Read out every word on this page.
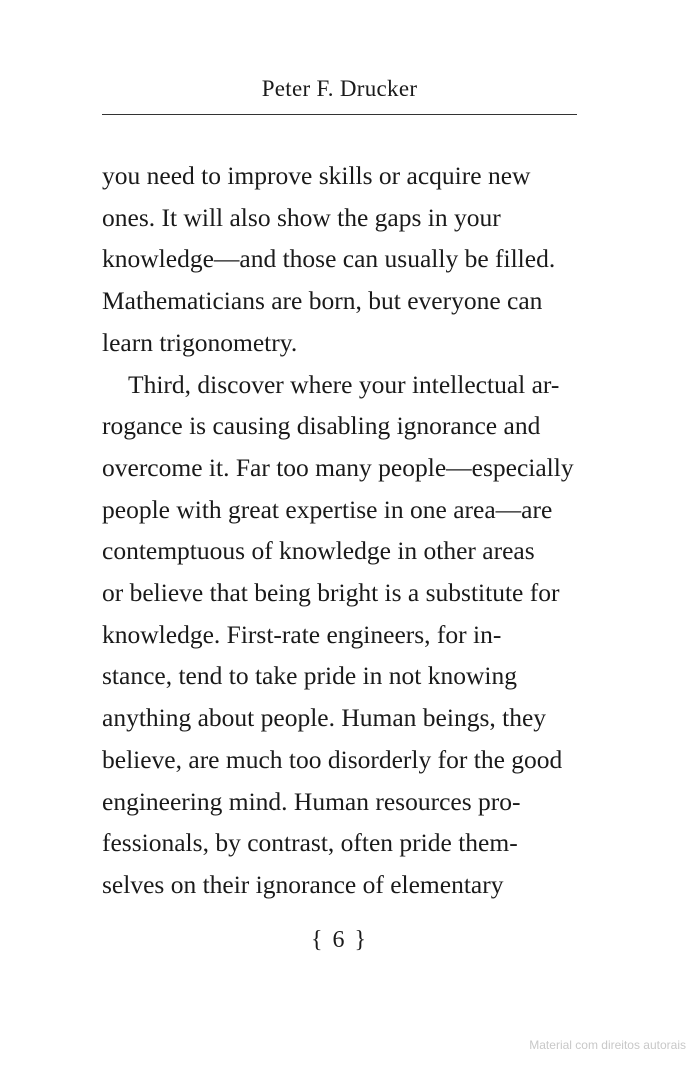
Peter F. Drucker
you need to improve skills or acquire new
ones. It will also show the gaps in your
knowledge—and those can usually be filled.
Mathematicians are born, but everyone can
learn trigonometry.
Third, discover where your intellectual ar-
rogance is causing disabling ignorance and
overcome it. Far too many people—especially
people with great expertise in one area—are
contemptuous of knowledge in other areas
or believe that being bright is a substitute for
knowledge. First-rate engineers, for in-
stance, tend to take pride in not knowing
anything about people. Human beings, they
believe, are much too disorderly for the good
engineering mind. Human resources pro-
fessionals, by contrast, often pride them-
selves on their ignorance of elementary
{ 6 }
Material com direitos autorais
